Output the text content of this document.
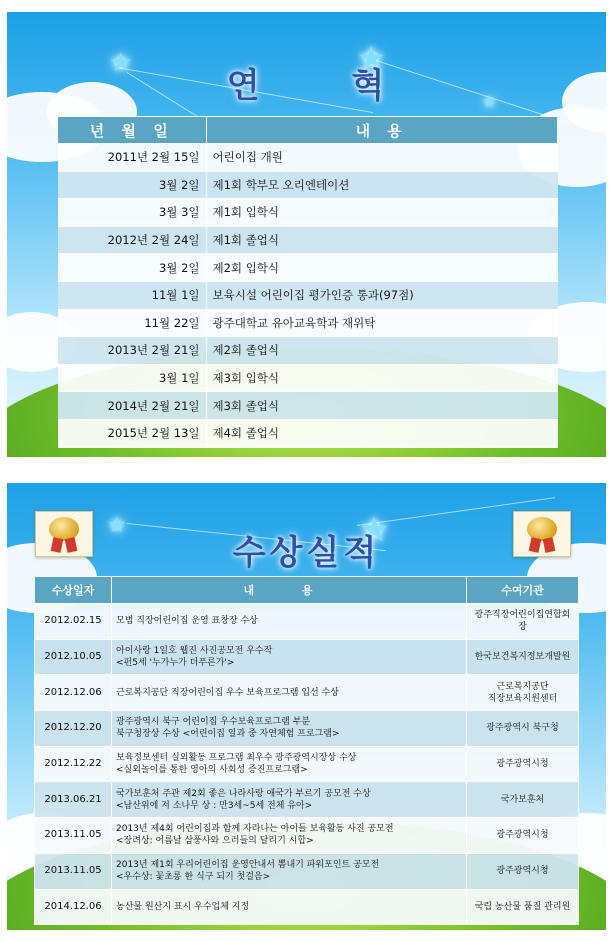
★	★
★
연	혁
년 월 일	내 용
2011년 2월 15일	어린이집 개원
3월 2일	제1회 학부모 오리엔테이션
3월 3일	제1회 입학식
2012년 2월 24일	제1회 졸업식
3월 2일	제2회 입학식
11월 1일	보육시설 어린이집 평가인증 통과(97점)
11월 22일	광주대학교 유아교육학과 재위탁
2013년 2월 21일	제2회 졸업식
3월 1일	제3회 입학식
2014년 2월 21일	제3회 졸업식
2015년 2월 13일	제4회 졸업식
★	★
수상실적
수상일자	내 용	수여기관
2012.02.15	모범 직장어린이집 운영 표창장 수상	광주직장어린이집연합회장

2012.10.05	아이사랑 1일호 웹진 사진공모전 우수작
<펀5세 '누가누가 더푸른가'>	한국보건복지정보개발원

2012.12.06	근로복지공단 직장어린이집 우수 보육프로그램 입선 수상	근로복지공단
직장보육지원센터

2012.12.20	광주광역시 북구 어린이집 우수보육프로그램 부분
북구청장상 수상 <어린이집 일과 중 자연체험 프로그램>	광주광역시 북구청

2012.12.22	보육정보센터 실외활동 프로그램 최우수 광주광역시장상 수상
<실외놀이를 통한 영아의 사회성 증진프로그램>	광주광역시청

2013.06.21	국가보훈처 주관 제2회 좋은 나라사랑 애국가 부르기 공모전 수상
<남산위에 저 소나무 상 : 만3세~5세 전체 유아>	국가보훈처

2013.11.05	2013년 제4회 어린이집과 함께 자라나는 아이들 보육활동 사진 공모전
<장려상: 어름날 삼풍사와 으러들의 달리기 시합>	광주광역시청

2013.11.05	2013년 제1회 우리어린이집 운영안내서 뽐내기 파워포인트 공모전
<우수상: 꽃초롱 한 식구 되기 첫걸음>	광주광역시청

2014.12.06	농산물 원산지 표시 우수업체 지정	국립 농산물 품질 관리원
